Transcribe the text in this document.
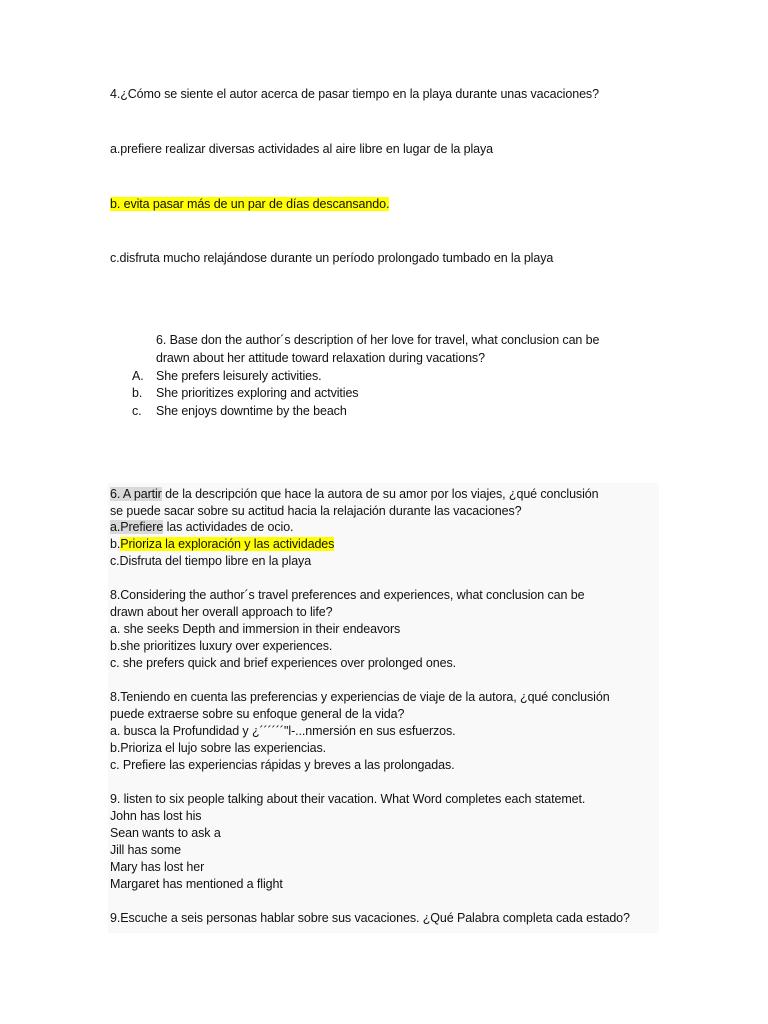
4.¿Cómo se siente el autor acerca de pasar tiempo en la playa durante unas vacaciones?
a.prefiere realizar diversas actividades al aire libre en lugar de la playa
b. evita pasar más de un par de días descansando.
c.disfruta mucho relajándose durante un período prolongado tumbado en la playa
6. Base don the author´s description of her love for travel, what conclusion can be
drawn about her attitude toward relaxation during vacations?
A. She prefers leisurely activities.
b. She prioritizes exploring and actvities
c. She enjoys downtime by the beach
6. A partir de la descripción que hace la autora de su amor por los viajes, ¿qué conclusión
se puede sacar sobre su actitud hacia la relajación durante las vacaciones?
a.Prefiere las actividades de ocio.
b.Prioriza la exploración y las actividades
c.Disfruta del tiempo libre en la playa
8.Considering the author´s travel preferences and experiences, what conclusion can be
drawn about her overall approach to life?
a. she seeks Depth and immersion in their endeavors
b.she prioritizes luxury over experiences.
c. she prefers quick and brief experiences over prolonged ones.
8.Teniendo en cuenta las preferencias y experiencias de viaje de la autora, ¿qué conclusión
puede extraerse sobre su enfoque general de la vida?
a. busca la Profundidad y ¿´´´´´´''l-...nmersión en sus esfuerzos.
b.Prioriza el lujo sobre las experiencias.
c. Prefiere las experiencias rápidas y breves a las prolongadas.
9. listen to six people talking about their vacation. What Word completes each statemet.
John has lost his
Sean wants to ask a
Jill has some
Mary has lost her
Margaret has mentioned a flight
9.Escuche a seis personas hablar sobre sus vacaciones. ¿Qué Palabra completa cada estado?
